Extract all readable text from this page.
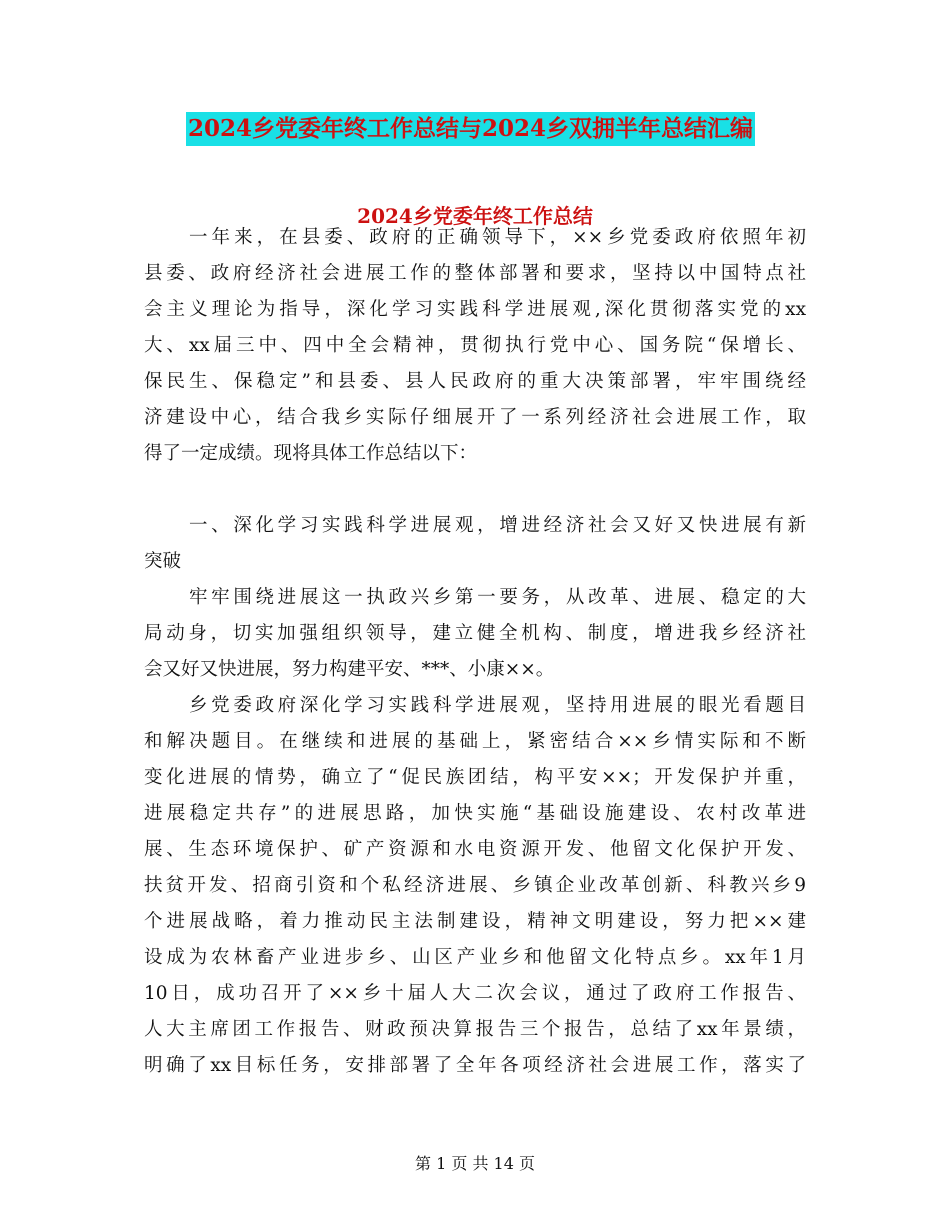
2024乡党委年终工作总结与2024乡双拥半年总结汇编
2024乡党委年终工作总结
一年来，在县委、政府的正确领导下，××乡党委政府依照年初
县委、政府经济社会进展工作的整体部署和要求，坚持以中国特点社
会主义理论为指导，深化学习实践科学进展观,深化贯彻落实党的xx
大、xx届三中、四中全会精神，贯彻执行党中心、国务院“保增长、
保民生、保稳定”和县委、县人民政府的重大决策部署，牢牢围绕经
济建设中心，结合我乡实际仔细展开了一系列经济社会进展工作，取
得了一定成绩。现将具体工作总结以下：
一、深化学习实践科学进展观，增进经济社会又好又快进展有新
突破
牢牢围绕进展这一执政兴乡第一要务，从改革、进展、稳定的大
局动身，切实加强组织领导，建立健全机构、制度，增进我乡经济社
会又好又快进展，努力构建平安、***、小康××。
乡党委政府深化学习实践科学进展观，坚持用进展的眼光看题目
和解决题目。在继续和进展的基础上，紧密结合××乡情实际和不断
变化进展的情势，确立了“促民族团结，构平安××；开发保护并重，
进展稳定共存”的进展思路，加快实施“基础设施建设、农村改革进
展、生态环境保护、矿产资源和水电资源开发、他留文化保护开发、
扶贫开发、招商引资和个私经济进展、乡镇企业改革创新、科教兴乡9
个进展战略，着力推动民主法制建设，精神文明建设，努力把××建
设成为农林畜产业进步乡、山区产业乡和他留文化特点乡。xx年1月
10日，成功召开了××乡十届人大二次会议，通过了政府工作报告、
人大主席团工作报告、财政预决算报告三个报告，总结了xx年景绩，
明确了xx目标任务，安排部署了全年各项经济社会进展工作，落实了
第 1 页 共 14 页
